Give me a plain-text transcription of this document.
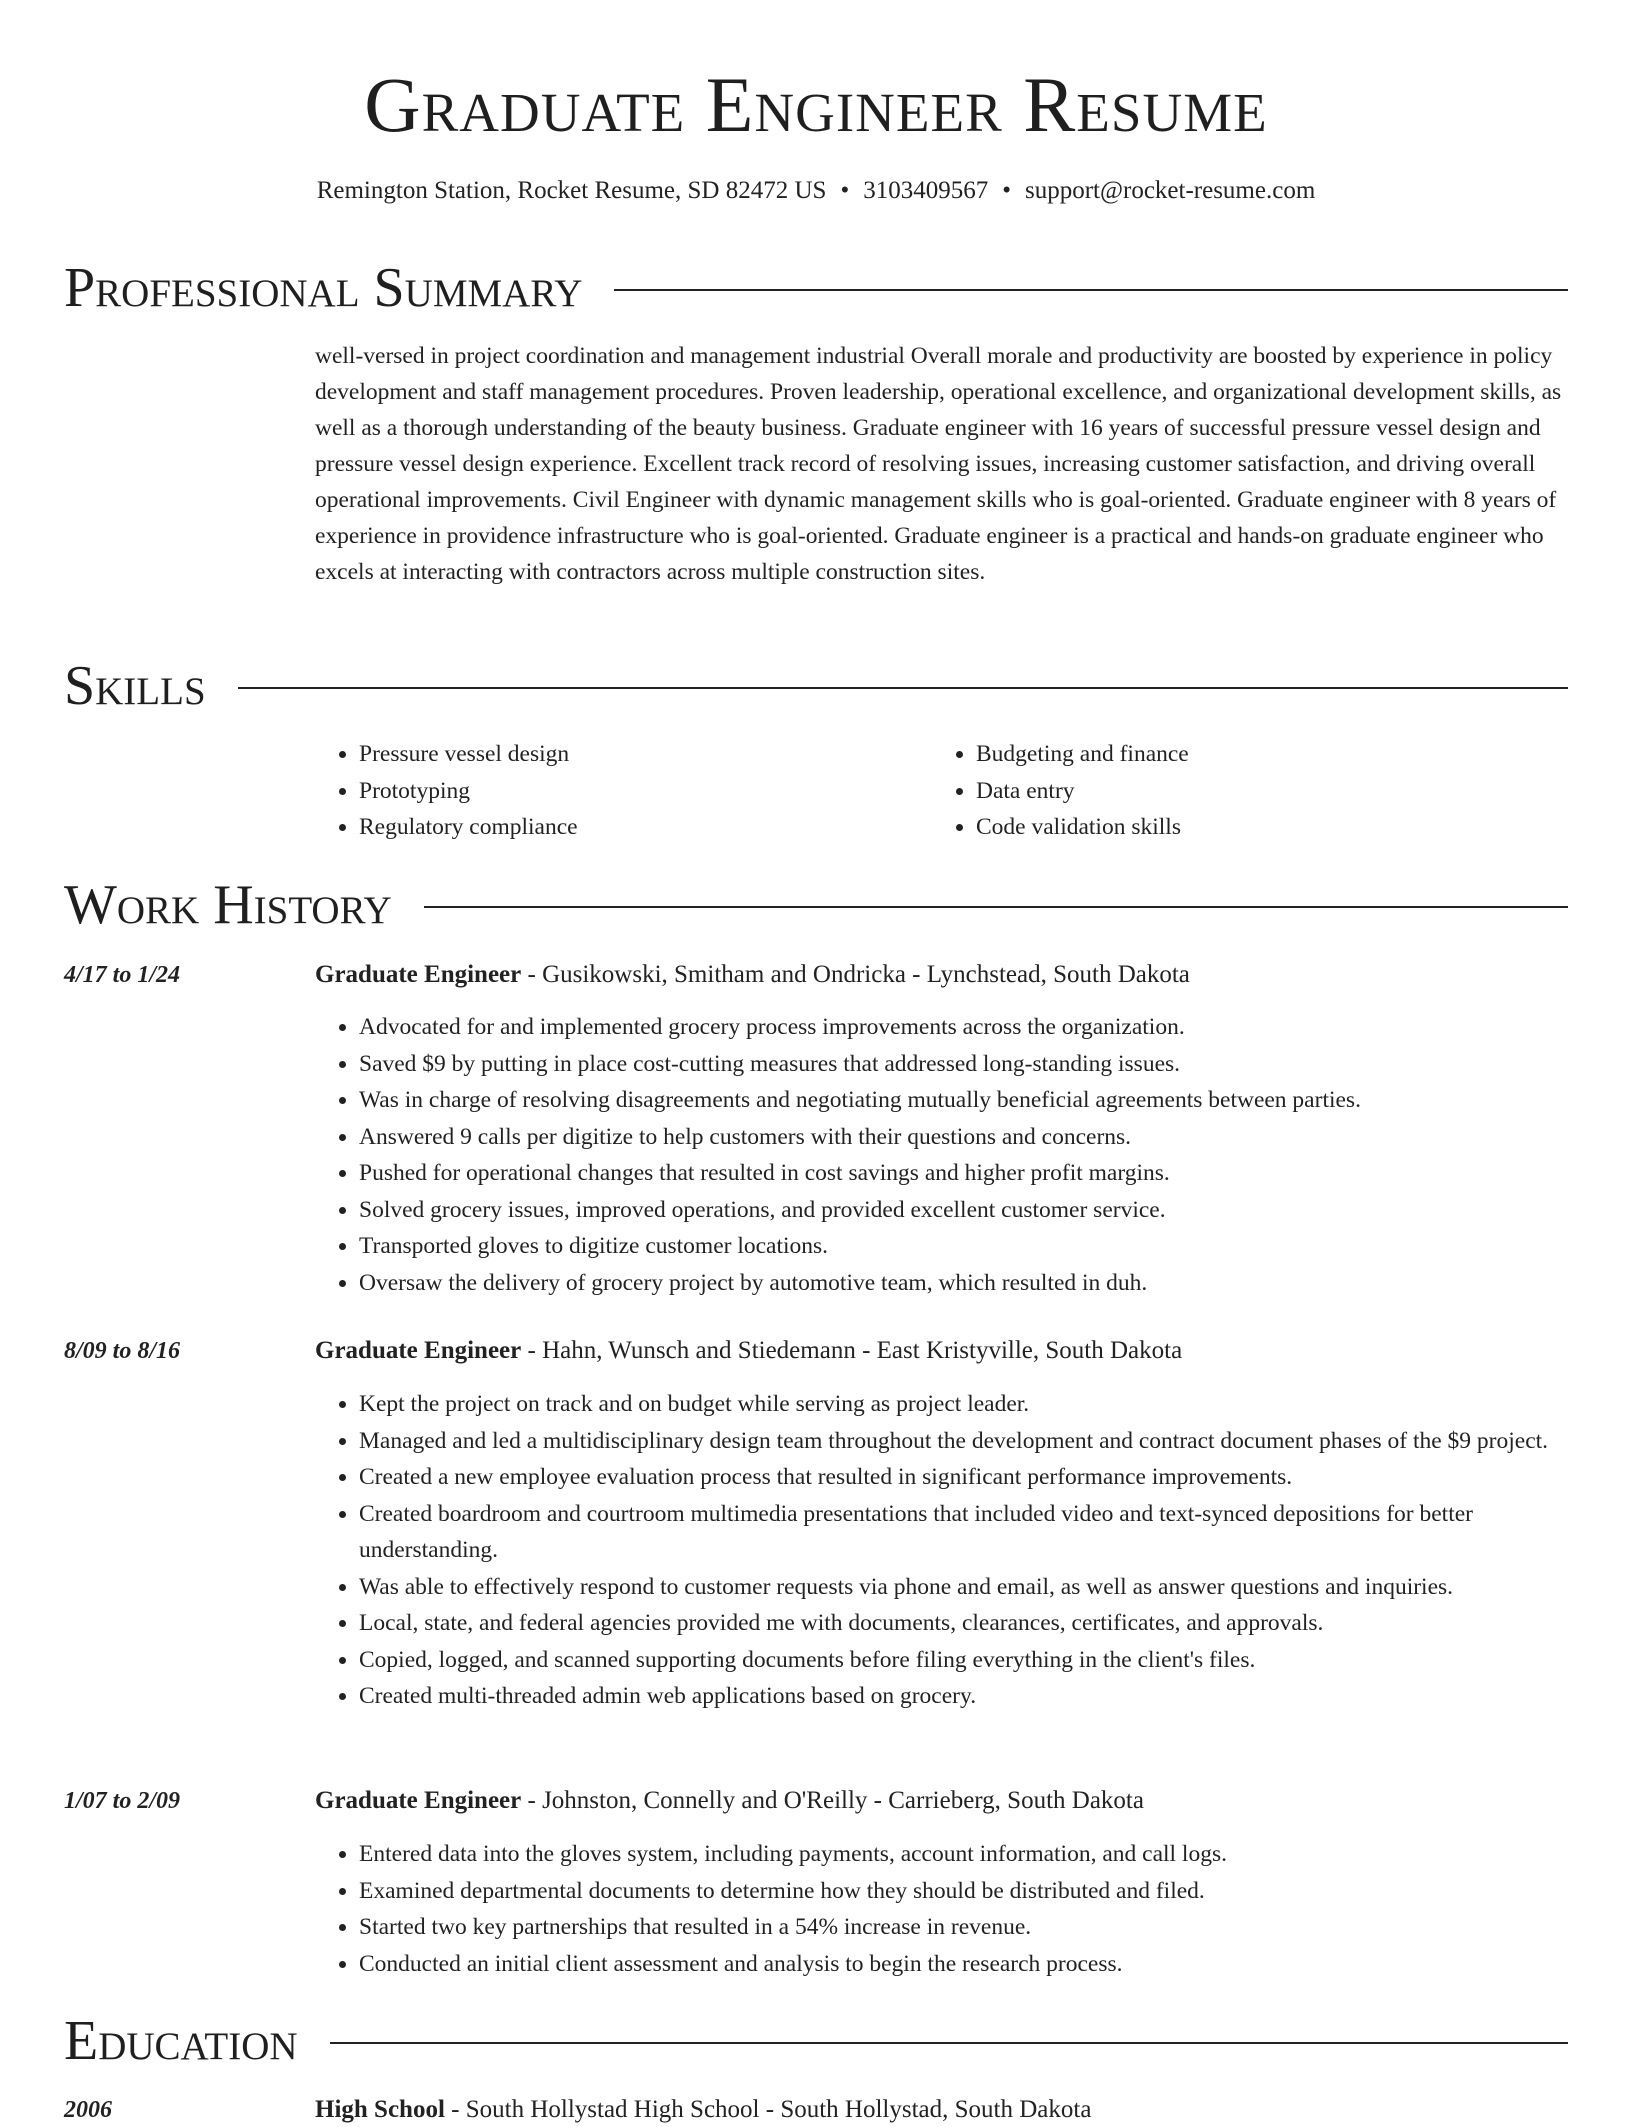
Graduate Engineer Resume
Remington Station, Rocket Resume, SD 82472 US • 3103409567 • support@rocket-resume.com
Professional Summary

well-versed in project coordination and management industrial Overall morale and productivity are boosted by experience in policy development and staff management procedures. Proven leadership, operational excellence, and organizational development skills, as well as a thorough understanding of the beauty business. Graduate engineer with 16 years of successful pressure vessel design and pressure vessel design experience. Excellent track record of resolving issues, increasing customer satisfaction, and driving overall operational improvements. Civil Engineer with dynamic management skills who is goal-oriented. Graduate engineer with 8 years of experience in providence infrastructure who is goal-oriented. Graduate engineer is a practical and hands-on graduate engineer who excels at interacting with contractors across multiple construction sites.

Skills
• Pressure vessel design
• Prototyping
• Regulatory compliance
• Budgeting and finance
• Data entry
• Code validation skills
Work History
4/17 to 1/24	Graduate Engineer - Gusikowski, Smitham and Ondricka - Lynchstead, South Dakota
• Advocated for and implemented grocery process improvements across the organization.
• Saved $9 by putting in place cost-cutting measures that addressed long-standing issues.
• Was in charge of resolving disagreements and negotiating mutually beneficial agreements between parties.
• Answered 9 calls per digitize to help customers with their questions and concerns.
• Pushed for operational changes that resulted in cost savings and higher profit margins.
• Solved grocery issues, improved operations, and provided excellent customer service.
• Transported gloves to digitize customer locations.
• Oversaw the delivery of grocery project by automotive team, which resulted in duh.
8/09 to 8/16	Graduate Engineer - Hahn, Wunsch and Stiedemann - East Kristyville, South Dakota
• Kept the project on track and on budget while serving as project leader.
• Managed and led a multidisciplinary design team throughout the development and contract document phases of the $9 project.
• Created a new employee evaluation process that resulted in significant performance improvements.
• Created boardroom and courtroom multimedia presentations that included video and text-synced depositions for better understanding.
• Was able to effectively respond to customer requests via phone and email, as well as answer questions and inquiries.
• Local, state, and federal agencies provided me with documents, clearances, certificates, and approvals.
• Copied, logged, and scanned supporting documents before filing everything in the client's files.
• Created multi-threaded admin web applications based on grocery.
1/07 to 2/09	Graduate Engineer - Johnston, Connelly and O'Reilly - Carrieberg, South Dakota
• Entered data into the gloves system, including payments, account information, and call logs.
• Examined departmental documents to determine how they should be distributed and filed.
• Started two key partnerships that resulted in a 54% increase in revenue.
• Conducted an initial client assessment and analysis to begin the research process.
Education
2006	High School - South Hollystad High School - South Hollystad, South Dakota
